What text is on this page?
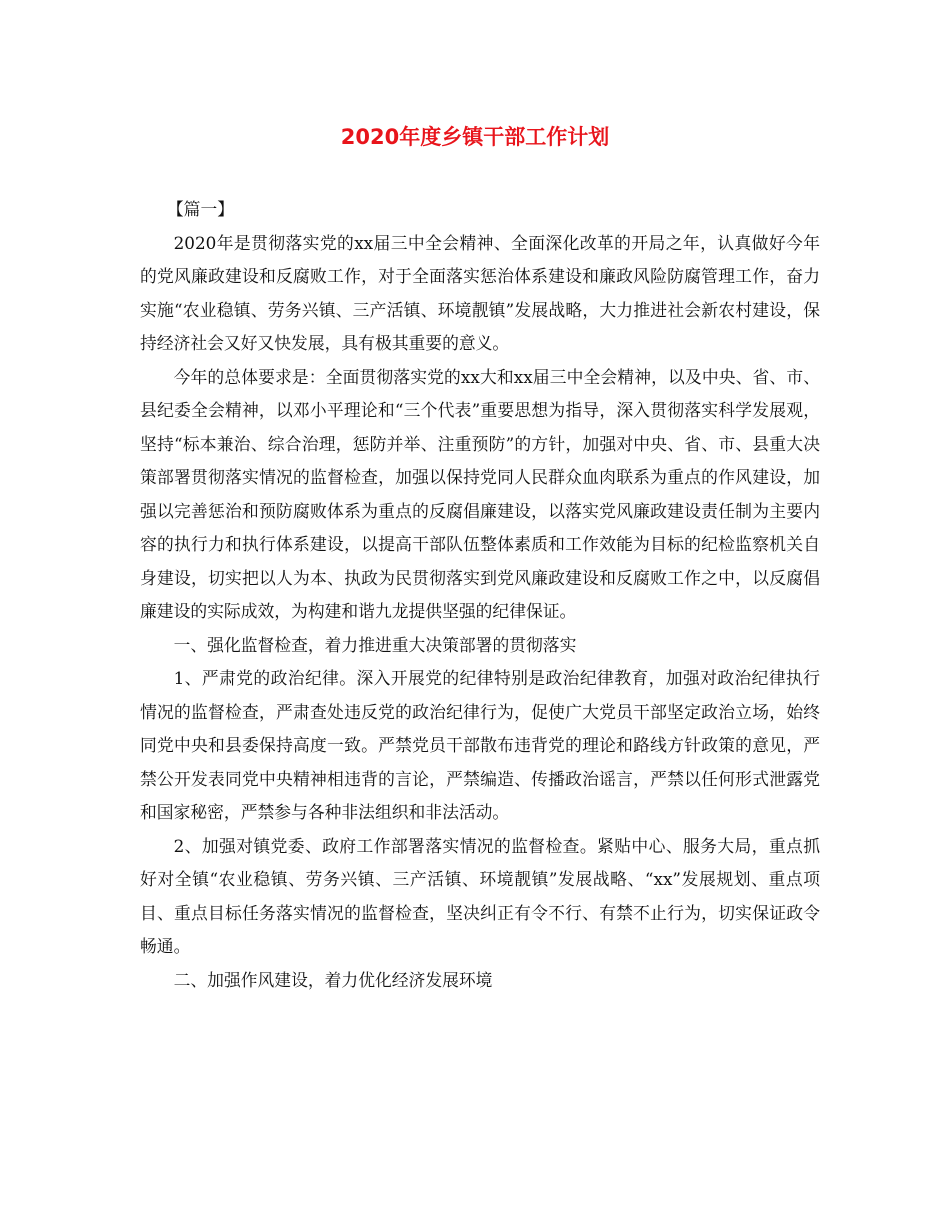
2020年度乡镇干部工作计划

【篇一】

2020年是贯彻落实党的xx届三中全会精神、全面深化改革的开局之年，认真做好今年的党风廉政建设和反腐败工作，对于全面落实惩治体系建设和廉政风险防腐管理工作，奋力实施“农业稳镇、劳务兴镇、三产活镇、环境靓镇”发展战略，大力推进社会新农村建设，保持经济社会又好又快发展，具有极其重要的意义。

今年的总体要求是：全面贯彻落实党的xx大和xx届三中全会精神，以及中央、省、市、县纪委全会精神，以邓小平理论和“三个代表”重要思想为指导，深入贯彻落实科学发展观，坚持“标本兼治、综合治理，惩防并举、注重预防”的方针，加强对中央、省、市、县重大决策部署贯彻落实情况的监督检查，加强以保持党同人民群众血肉联系为重点的作风建设，加强以完善惩治和预防腐败体系为重点的反腐倡廉建设，以落实党风廉政建设责任制为主要内容的执行力和执行体系建设，以提高干部队伍整体素质和工作效能为目标的纪检监察机关自身建设，切实把以人为本、执政为民贯彻落实到党风廉政建设和反腐败工作之中，以反腐倡廉建设的实际成效，为构建和谐九龙提供坚强的纪律保证。

一、强化监督检查，着力推进重大决策部署的贯彻落实

1、严肃党的政治纪律。深入开展党的纪律特别是政治纪律教育，加强对政治纪律执行情况的监督检查，严肃查处违反党的政治纪律行为，促使广大党员干部坚定政治立场，始终同党中央和县委保持高度一致。严禁党员干部散布违背党的理论和路线方针政策的意见，严禁公开发表同党中央精神相违背的言论，严禁编造、传播政治谣言，严禁以任何形式泄露党和国家秘密，严禁参与各种非法组织和非法活动。

2、加强对镇党委、政府工作部署落实情况的监督检查。紧贴中心、服务大局，重点抓好对全镇“农业稳镇、劳务兴镇、三产活镇、环境靓镇”发展战略、“xx”发展规划、重点项目、重点目标任务落实情况的监督检查，坚决纠正有令不行、有禁不止行为，切实保证政令畅通。

二、加强作风建设，着力优化经济发展环境
